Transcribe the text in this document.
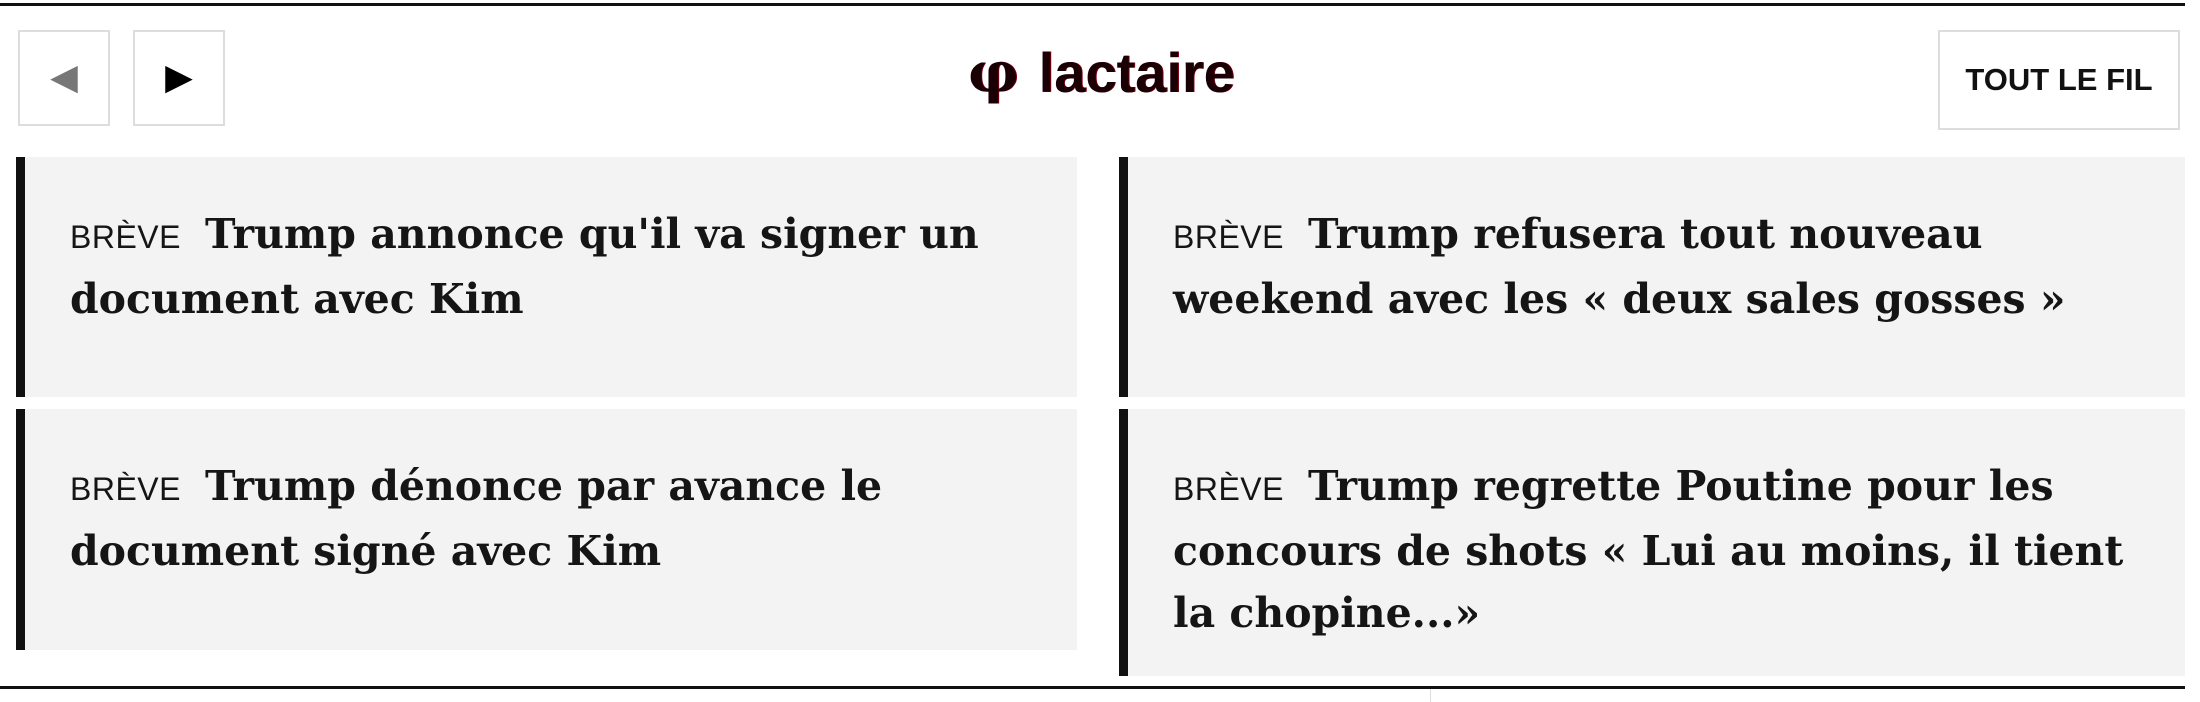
◀ ▶	φ lactaire	TOUT LE FIL
BRÈVE Trump annonce qu'il va signer un document avec Kim
BRÈVE Trump refusera tout nouveau weekend avec les « deux sales gosses »
BRÈVE Trump dénonce par avance le document signé avec Kim
BRÈVE Trump regrette Poutine pour les concours de shots « Lui au moins, il tient la chopine...»
